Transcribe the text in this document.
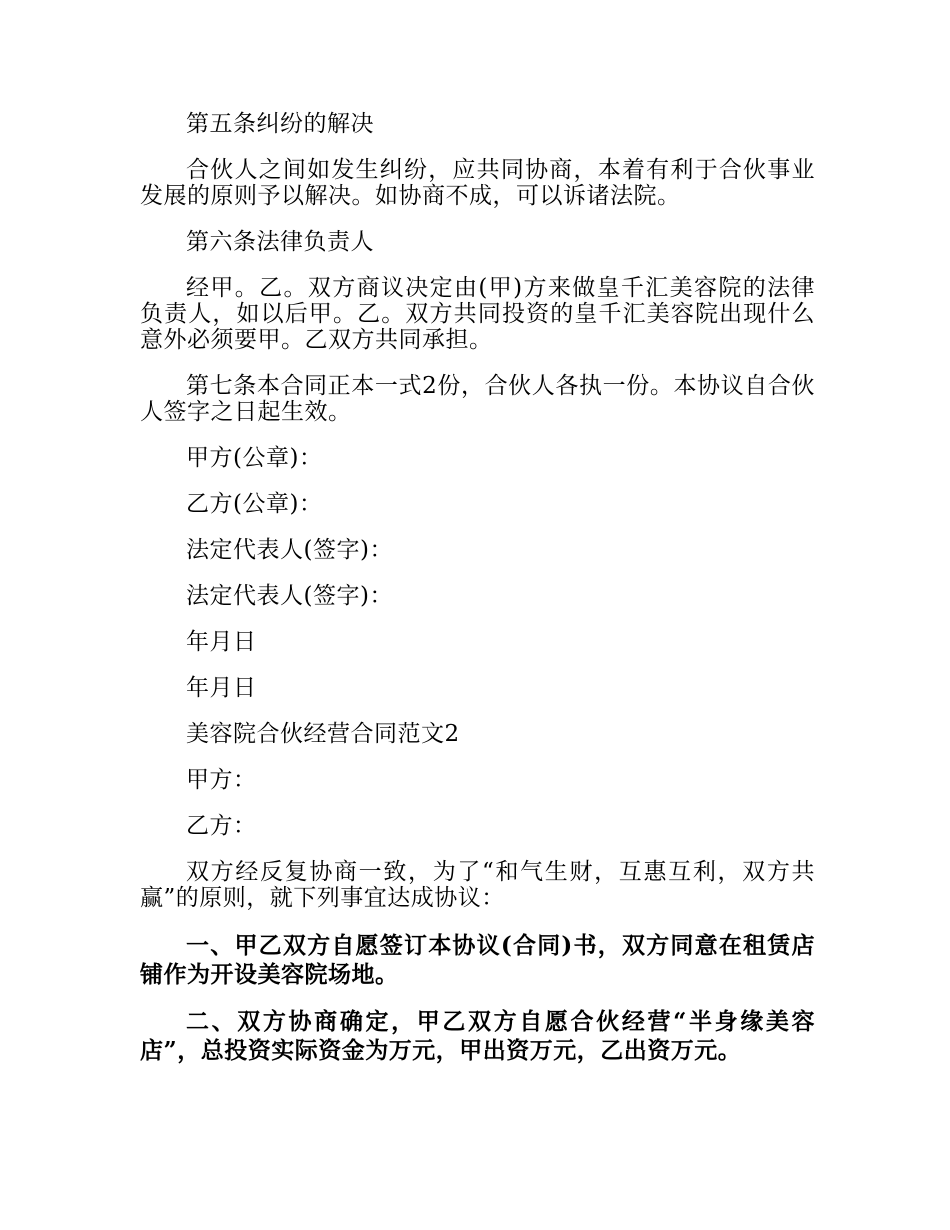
第五条纠纷的解决

合伙人之间如发生纠纷，应共同协商，本着有利于合伙事业发展的原则予以解决。如协商不成，可以诉诸法院。

第六条法律负责人

经甲。乙。双方商议决定由(甲)方来做皇千汇美容院的法律负责人，如以后甲。乙。双方共同投资的皇千汇美容院出现什么意外必须要甲。乙双方共同承担。

第七条本合同正本一式2份，合伙人各执一份。本协议自合伙人签字之日起生效。

甲方(公章)：

乙方(公章)：

法定代表人(签字)：

法定代表人(签字)：

年月日

年月日

美容院合伙经营合同范文2

甲方：

乙方：

双方经反复协商一致，为了“和气生财，互惠互利，双方共赢”的原则，就下列事宜达成协议：

一、甲乙双方自愿签订本协议(合同)书，双方同意在租赁店铺作为开设美容院场地。

二、双方协商确定，甲乙双方自愿合伙经营“半身缘美容店”，总投资实际资金为万元，甲出资万元，乙出资万元。
